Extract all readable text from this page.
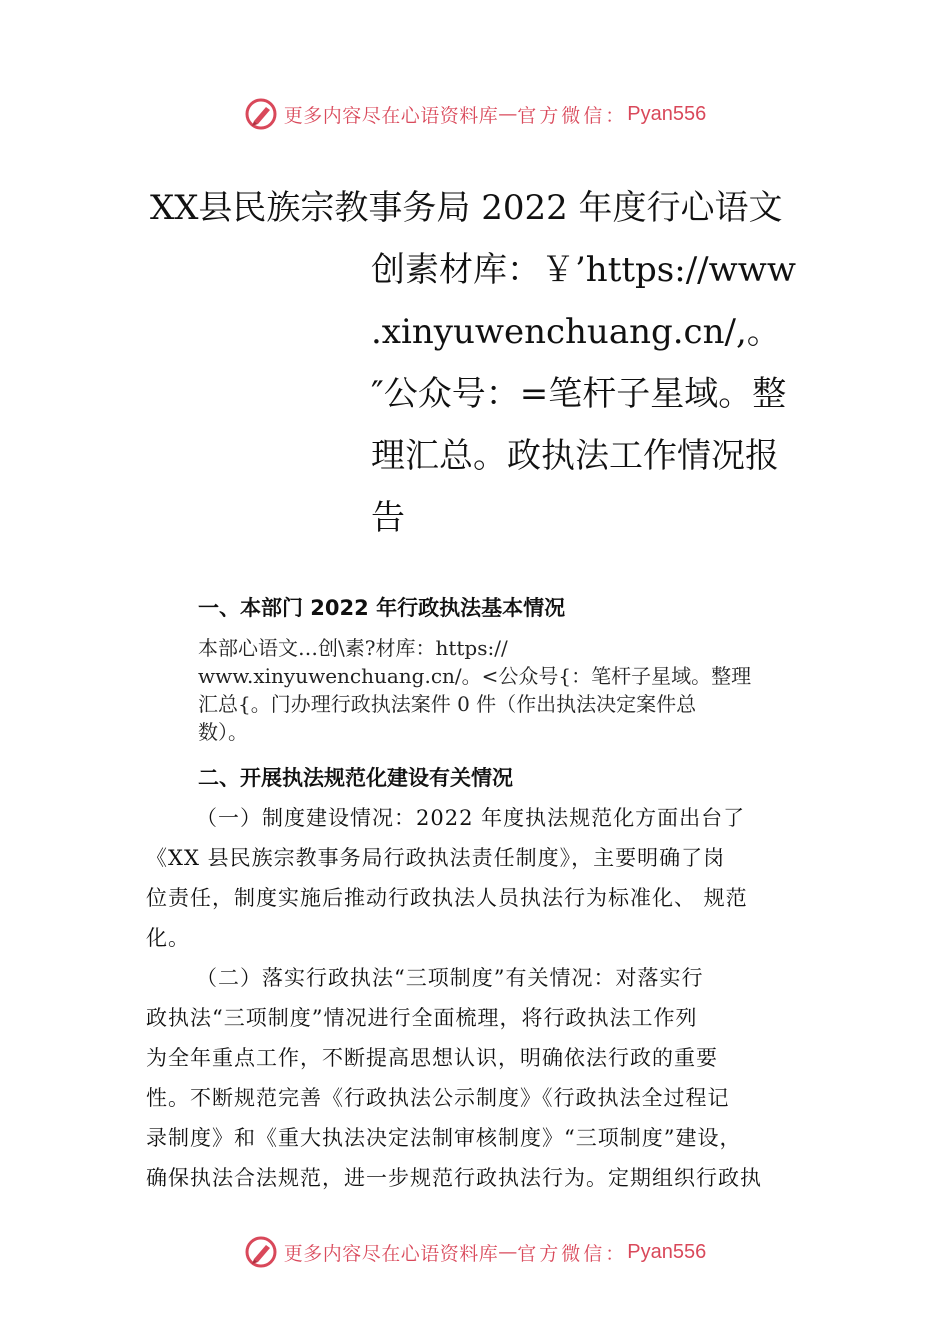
更多内容尽在心语资料库 — 官方微信： Pyan556
XX县民族宗教事务局 2022 年度行心语文
创素材库：￥’https://www
.xinyuwenchuang.cn/,。
″公众号：=笔杆子星域。整
理汇总。政执法工作情况报
告
一、本部门 2022 年行政执法基本情况
本部心语文…创\素?材库：https://
www.xinyuwenchuang.cn/。<公众号{：笔杆子星域。整理
汇总{。门办理行政执法案件 0 件（作出执法决定案件总
数）。
二、开展执法规范化建设有关情况
（一）制度建设情况：2022 年度执法规范化方面出台了
《XX 县民族宗教事务局行政执法责任制度》，主要明确了岗
位责任，制度实施后推动行政执法人员执法行为标准化、 规范
化。
（二）落实行政执法“三项制度”有关情况：对落实行
政执法“三项制度”情况进行全面梳理，将行政执法工作列
为全年重点工作，不断提高思想认识，明确依法行政的重要
性。不断规范完善《行政执法公示制度》《行政执法全过程记
录制度》和《重大执法决定法制审核制度》“三项制度”建设，
确保执法合法规范，进一步规范行政执法行为。定期组织行政执
更多内容尽在心语资料库 — 官方微信： Pyan556
